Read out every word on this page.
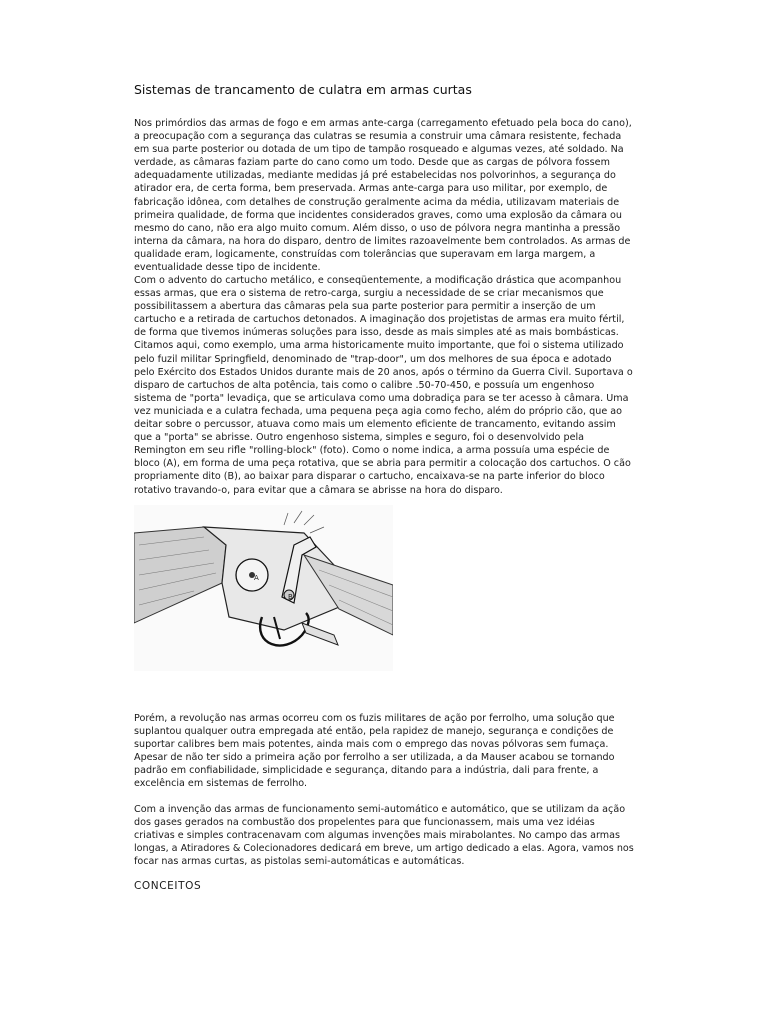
Sistemas de trancamento de culatra em armas curtas

Nos primórdios das armas de fogo e em armas ante-carga (carregamento efetuado pela boca do cano), a preocupação com a segurança das culatras se resumia a construir uma câmara resistente, fechada em sua parte posterior ou dotada de um tipo de tampão rosqueado e algumas vezes, até soldado. Na verdade, as câmaras faziam parte do cano como um todo. Desde que as cargas de pólvora fossem adequadamente utilizadas, mediante medidas já pré estabelecidas nos polvorinhos, a segurança do atirador era, de certa forma, bem preservada. Armas ante-carga para uso militar, por exemplo, de fabricação idônea, com detalhes de construção geralmente acima da média, utilizavam materiais de primeira qualidade, de forma que incidentes considerados graves, como uma explosão da câmara ou mesmo do cano, não era algo muito comum. Além disso, o uso de pólvora negra mantinha a pressão interna da câmara, na hora do disparo, dentro de limites razoavelmente bem controlados. As armas de qualidade eram, logicamente, construídas com tolerâncias que superavam em larga margem, a eventualidade desse tipo de incidente.

Com o advento do cartucho metálico, e conseqüentemente, a modificação drástica que acompanhou essas armas, que era o sistema de retro-carga, surgiu a necessidade de se criar mecanismos que possibilitassem a abertura das câmaras pela sua parte posterior para permitir a inserção de um cartucho e a retirada de cartuchos detonados. A imaginação dos projetistas de armas era muito fértil, de forma que tivemos inúmeras soluções para isso, desde as mais simples até as mais bombásticas. Citamos aqui, como exemplo, uma arma historicamente muito importante, que foi o sistema utilizado pelo fuzil militar Springfield, denominado de "trap-door", um dos melhores de sua época e adotado pelo Exército dos Estados Unidos durante mais de 20 anos, após o término da Guerra Civil. Suportava o disparo de cartuchos de alta potência, tais como o calibre .50-70-450, e possuía um engenhoso sistema de "porta" levadiça, que se articulava como uma dobradiça para se ter acesso à câmara. Uma vez municiada e a culatra fechada, uma pequena peça agia como fecho, além do próprio cão, que ao deitar sobre o percussor, atuava como mais um elemento eficiente de trancamento, evitando assim que a "porta" se abrisse. Outro engenhoso sistema, simples e seguro, foi o desenvolvido pela Remington em seu rifle "rolling-block" (foto). Como o nome indica, a arma possuía uma espécie de bloco (A), em forma de uma peça rotativa, que se abria para permitir a colocação dos cartuchos. O cão propriamente dito (B), ao baixar para disparar o cartucho, encaixava-se na parte inferior do bloco rotativo travando-o, para evitar que a câmara se abrisse na hora do disparo.

A
B

Porém, a revolução nas armas ocorreu com os fuzis militares de ação por ferrolho, uma solução que suplantou qualquer outra empregada até então, pela rapidez de manejo, segurança e condições de suportar calibres bem mais potentes, ainda mais com o emprego das novas pólvoras sem fumaça. Apesar de não ter sido a primeira ação por ferrolho a ser utilizada, a da Mauser acabou se tornando padrão em confiabilidade, simplicidade e segurança, ditando para a indústria, dali para frente, a excelência em sistemas de ferrolho.

Com a invenção das armas de funcionamento semi-automático e automático, que se utilizam da ação dos gases gerados na combustão dos propelentes para que funcionassem, mais uma vez idéias criativas e simples contracenavam com algumas invenções mais mirabolantes. No campo das armas longas, a Atiradores & Colecionadores dedicará em breve, um artigo dedicado a elas. Agora, vamos nos focar nas armas curtas, as pistolas semi-automáticas e automáticas.

CONCEITOS
